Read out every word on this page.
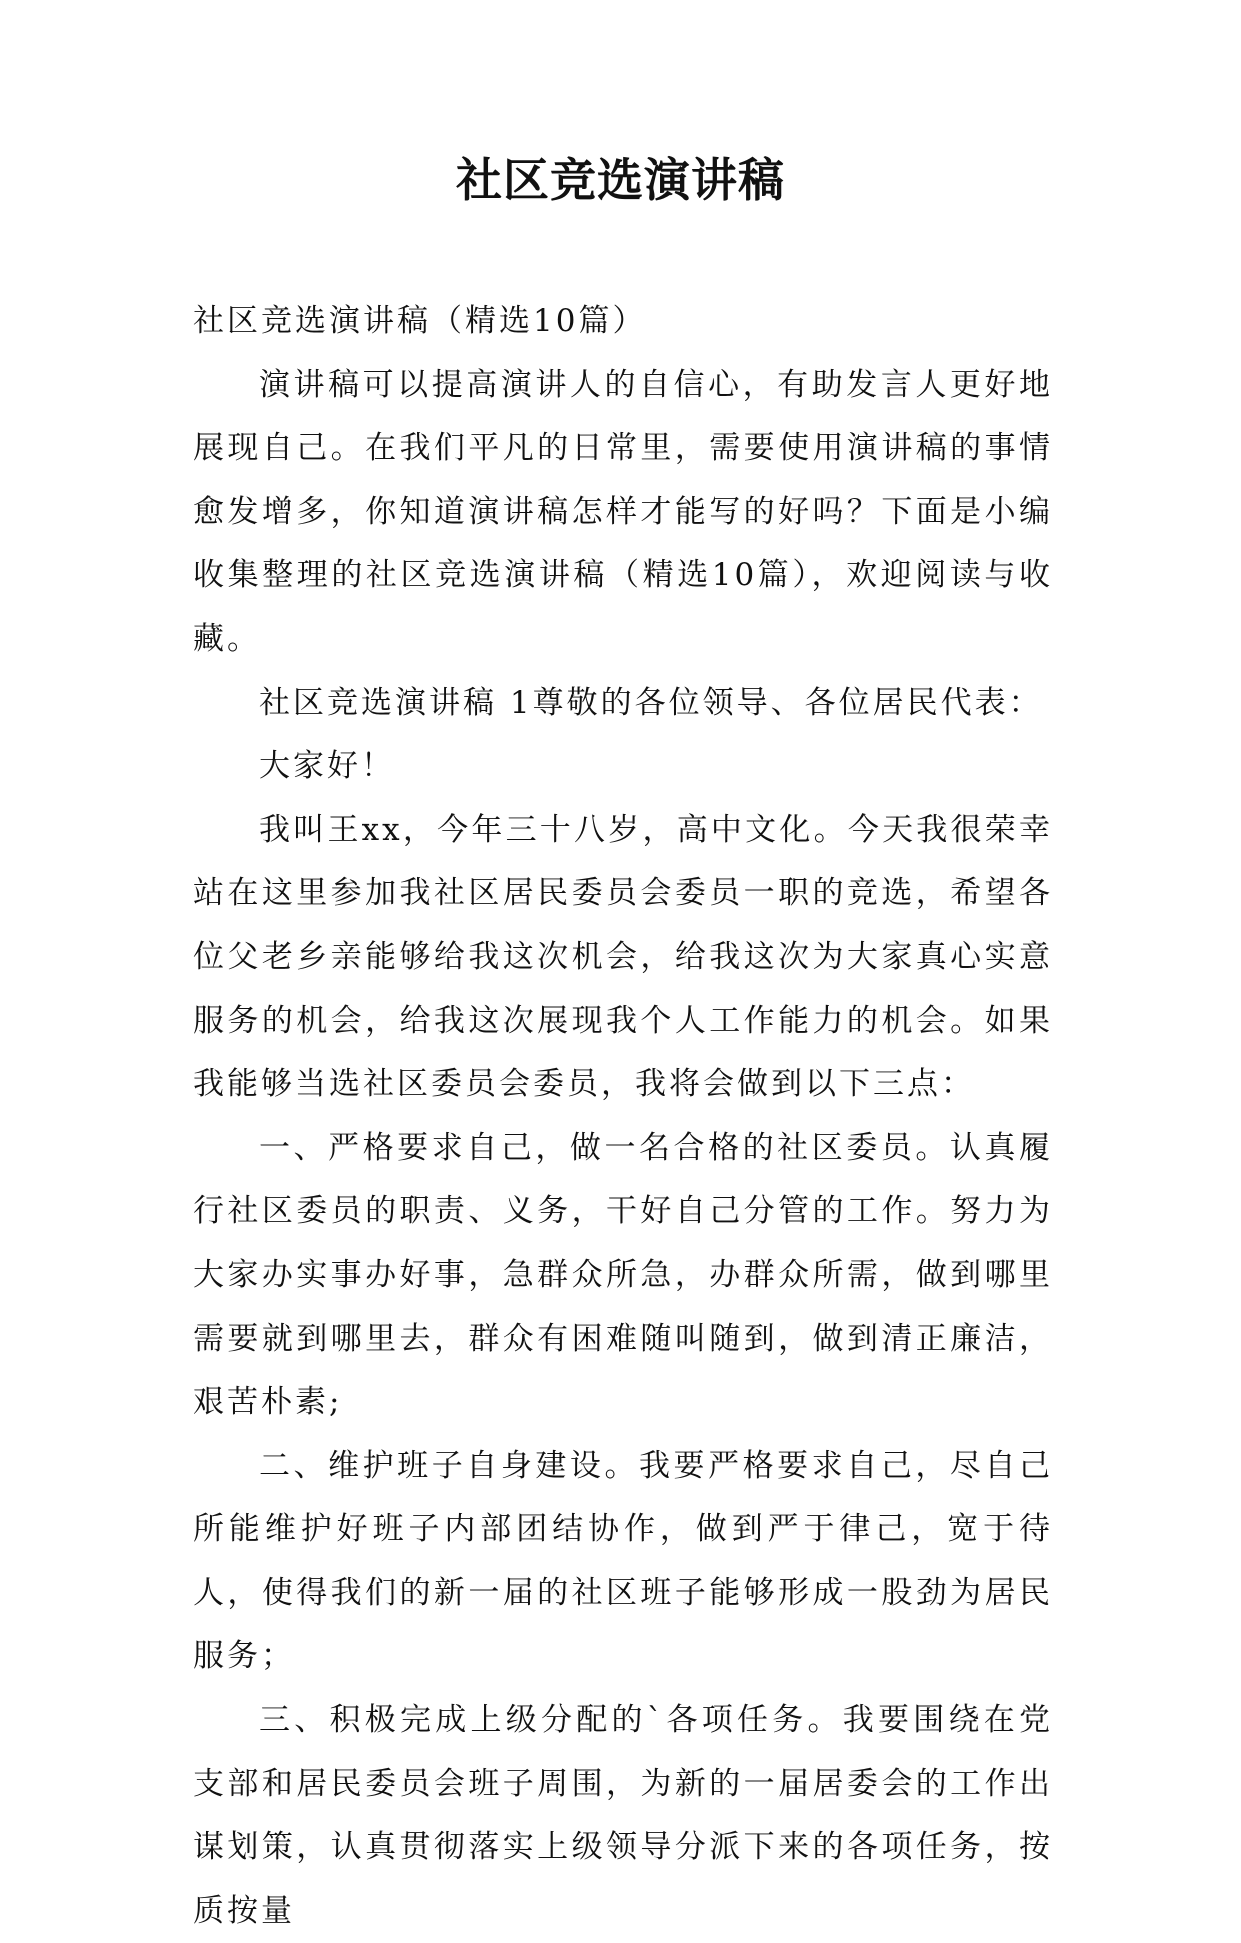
社区竞选演讲稿

社区竞选演讲稿（精选10篇）

演讲稿可以提高演讲人的自信心，有助发言人更好地展现自己。在我们平凡的日常里，需要使用演讲稿的事情愈发增多，你知道演讲稿怎样才能写的好吗？下面是小编收集整理的社区竞选演讲稿（精选10篇），欢迎阅读与收藏。

社区竞选演讲稿 1尊敬的各位领导、各位居民代表：

大家好！

我叫王xx，今年三十八岁，高中文化。今天我很荣幸站在这里参加我社区居民委员会委员一职的竞选，希望各位父老乡亲能够给我这次机会，给我这次为大家真心实意服务的机会，给我这次展现我个人工作能力的机会。如果我能够当选社区委员会委员，我将会做到以下三点：

一、严格要求自己，做一名合格的社区委员。认真履行社区委员的职责、义务，干好自己分管的工作。努力为大家办实事办好事，急群众所急，办群众所需，做到哪里需要就到哪里去，群众有困难随叫随到，做到清正廉洁，艰苦朴素;

二、维护班子自身建设。我要严格要求自己，尽自己所能维护好班子内部团结协作，做到严于律己，宽于待人，使得我们的新一届的社区班子能够形成一股劲为居民服务；

三、积极完成上级分配的`各项任务。我要围绕在党支部和居民委员会班子周围，为新的一届居委会的工作出谋划策，认真贯彻落实上级领导分派下来的各项任务，按质按量
